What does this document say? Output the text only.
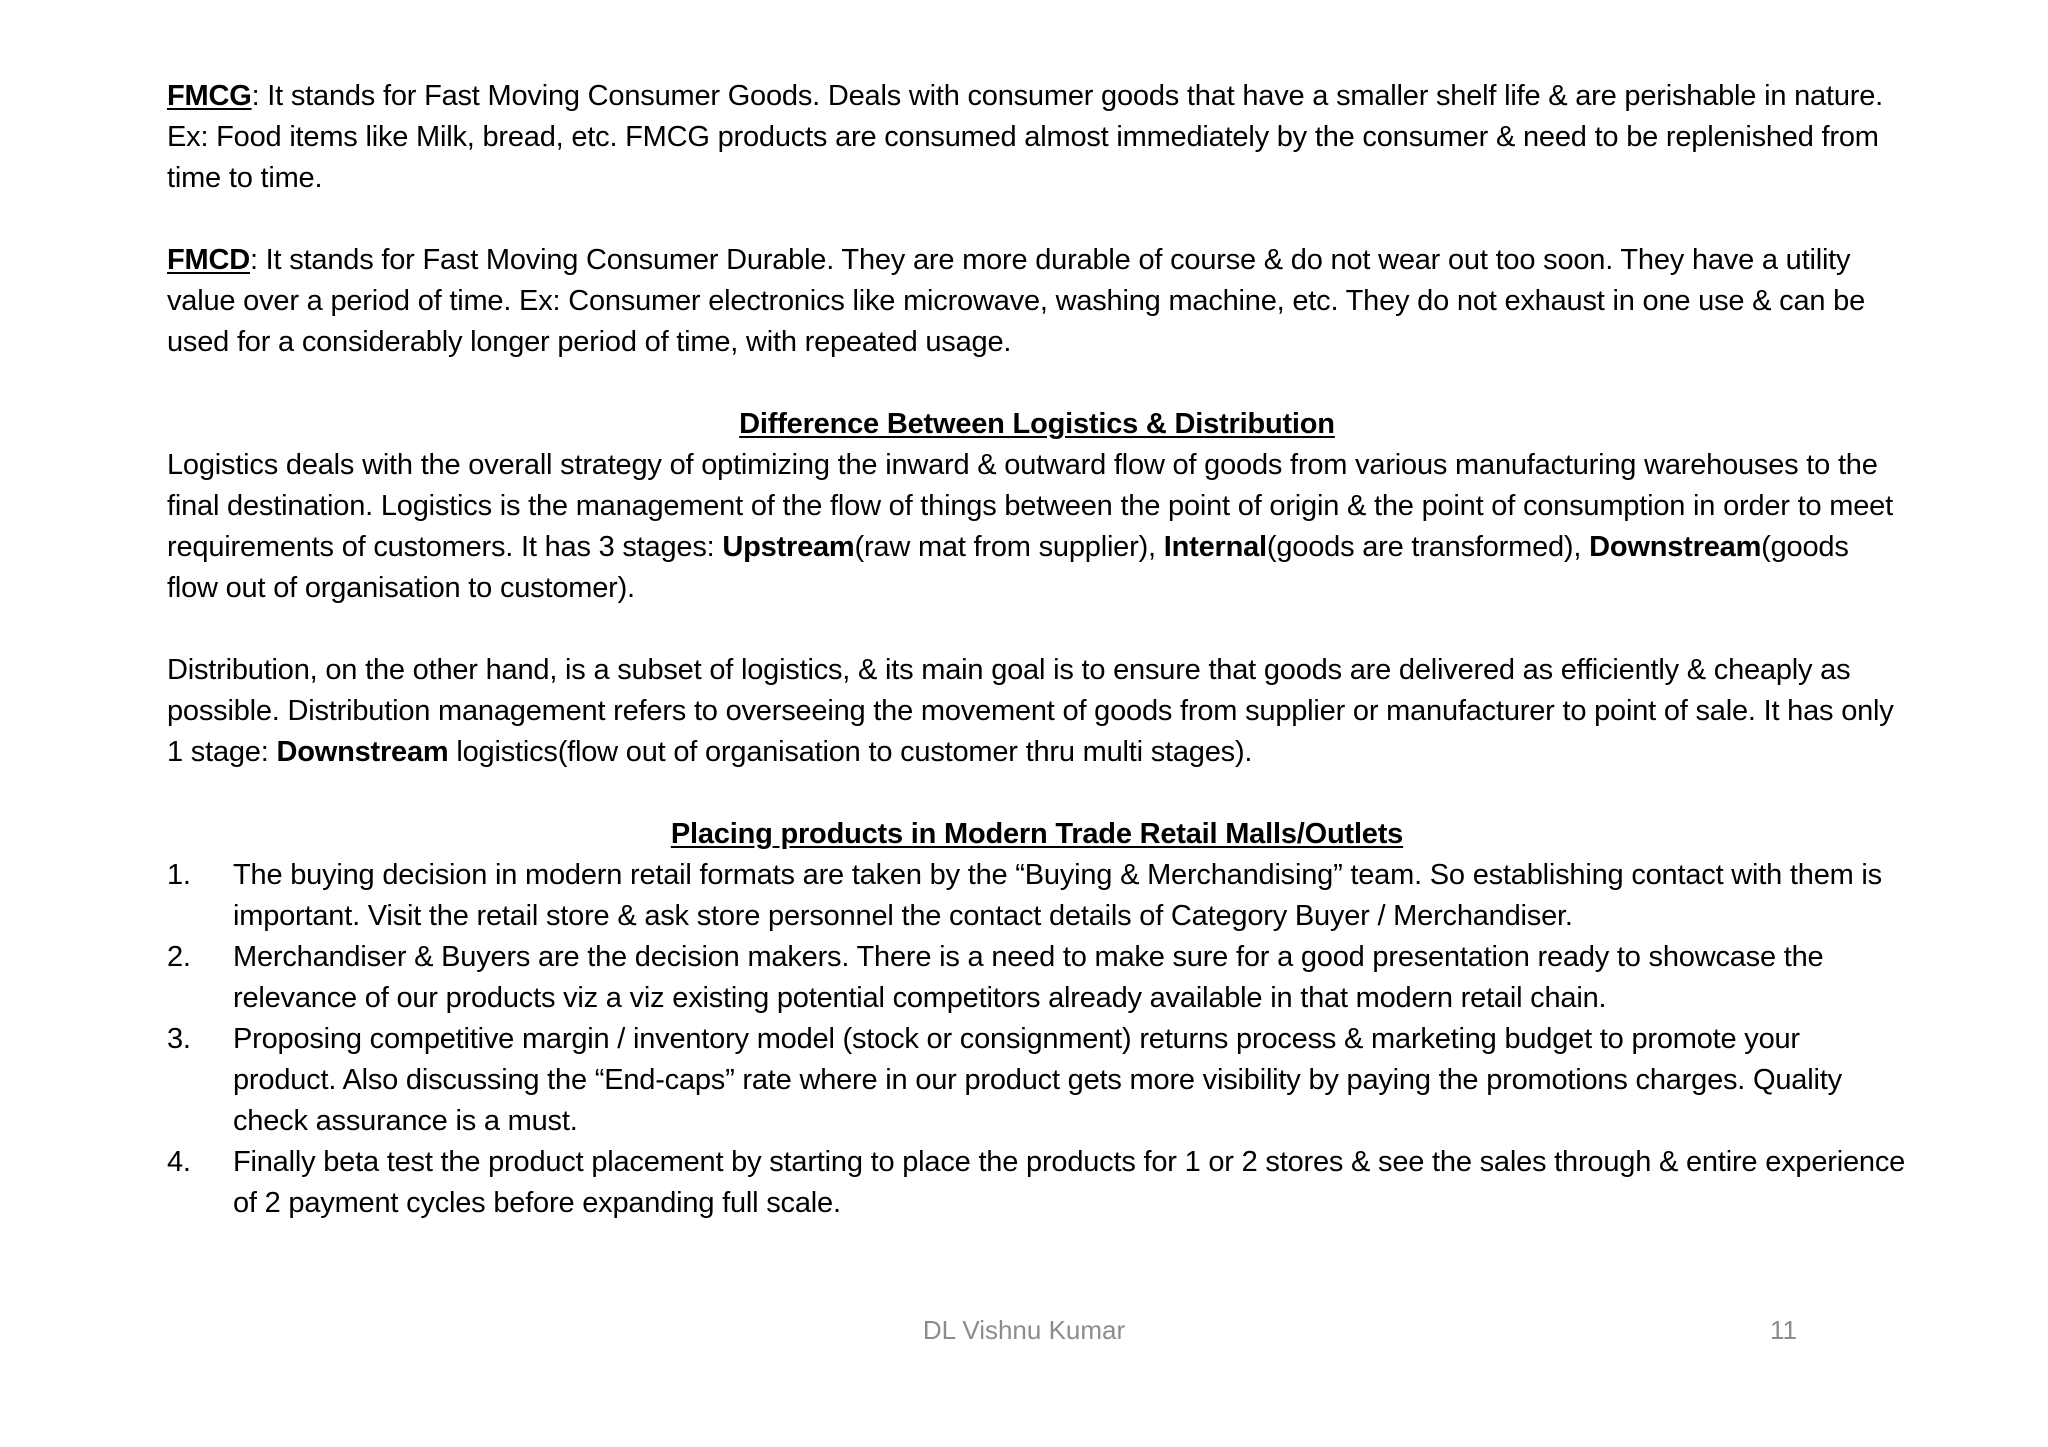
FMCG: It stands for Fast Moving Consumer Goods. Deals with consumer goods that have a smaller shelf life & are perishable in nature. Ex: Food items like Milk, bread, etc. FMCG products are consumed almost immediately by the consumer & need to be replenished from time to time.

FMCD: It stands for Fast Moving Consumer Durable. They are more durable of course & do not wear out too soon. They have a utility value over a period of time. Ex: Consumer electronics like microwave, washing machine, etc. They do not exhaust in one use & can be used for a considerably longer period of time, with repeated usage.

Difference Between Logistics & Distribution

Logistics deals with the overall strategy of optimizing the inward & outward flow of goods from various manufacturing warehouses to the final destination. Logistics is the management of the flow of things between the point of origin & the point of consumption in order to meet requirements of customers. It has 3 stages: Upstream(raw mat from supplier), Internal(goods are transformed), Downstream(goods flow out of organisation to customer).

Distribution, on the other hand, is a subset of logistics, & its main goal is to ensure that goods are delivered as efficiently & cheaply as possible. Distribution management refers to overseeing the movement of goods from supplier or manufacturer to point of sale. It has only 1 stage: Downstream logistics(flow out of organisation to customer thru multi stages).

Placing products in Modern Trade Retail Malls/Outlets

1. The buying decision in modern retail formats are taken by the “Buying & Merchandising” team. So establishing contact with them is important. Visit the retail store & ask store personnel the contact details of Category Buyer / Merchandiser.
2. Merchandiser & Buyers are the decision makers. There is a need to make sure for a good presentation ready to showcase the relevance of our products viz a viz existing potential competitors already available in that modern retail chain.
3. Proposing competitive margin / inventory model (stock or consignment) returns process & marketing budget to promote your product. Also discussing the “End-caps” rate where in our product gets more visibility by paying the promotions charges. Quality check assurance is a must.
4. Finally beta test the product placement by starting to place the products for 1 or 2 stores & see the sales through & entire experience of 2 payment cycles before expanding full scale.
DL Vishnu Kumar	11
